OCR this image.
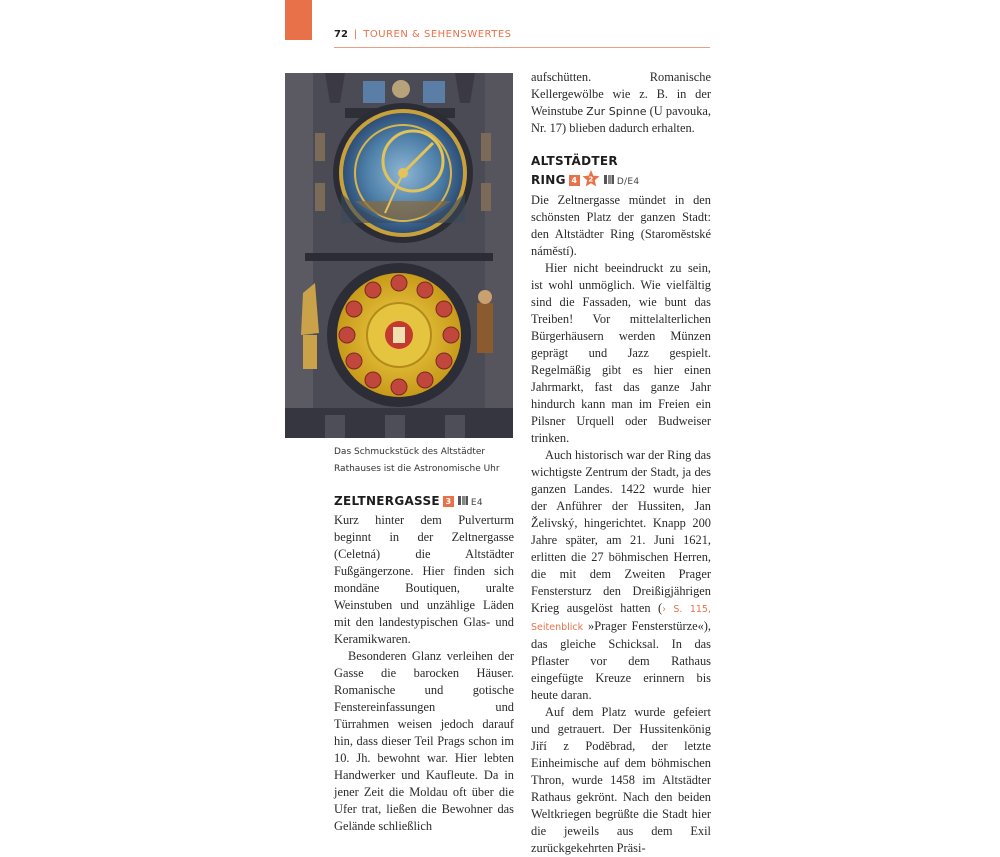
72 | TOUREN & SEHENSWERTES
Das Schmuckstück des Altstädter Rathauses ist die Astronomische Uhr
ZELTNERGASSE 3 E4

Kurz hinter dem Pulverturm beginnt in der Zeltnergasse (Celetná) die Altstädter Fußgängerzone. Hier finden sich mondäne Boutiquen, uralte Weinstuben und unzählige Läden mit den landestypischen Glas- und Keramikwaren.

Besonderen Glanz verleihen der Gasse die barocken Häuser. Romanische und gotische Fenstereinfassungen und Türrahmen weisen jedoch darauf hin, dass dieser Teil Prags schon im 10. Jh. bewohnt war. Hier lebten Handwerker und Kaufleute. Da in jener Zeit die Moldau oft über die Ufer trat, ließen die Bewohner das Gelände schließlich

aufschütten. Romanische Kellergewölbe wie z. B. in der Weinstube Zur Spinne (U pavouka, Nr. 17) blieben dadurch erhalten.

ALTSTÄDTER
RING 4 2	D/E4

Die Zeltnergasse mündet in den schönsten Platz der ganzen Stadt: den Altstädter Ring (Staroměstské náměstí).

Hier nicht beeindruckt zu sein, ist wohl unmöglich. Wie vielfältig sind die Fassaden, wie bunt das Treiben! Vor mittelalterlichen Bürgerhäusern werden Münzen geprägt und Jazz gespielt. Regelmäßig gibt es hier einen Jahrmarkt, fast das ganze Jahr hindurch kann man im Freien ein Pilsner Urquell oder Budweiser trinken.

Auch historisch war der Ring das wichtigste Zentrum der Stadt, ja des ganzen Landes. 1422 wurde hier der Anführer der Hussiten, Jan Želivský, hingerichtet. Knapp 200 Jahre später, am 21. Juni 1621, erlitten die 27 böhmischen Herren, die mit dem Zweiten Prager Fenstersturz den Dreißigjährigen Krieg ausgelöst hatten (› S. 115, Seitenblick »Prager Fensterstürze«), das gleiche Schicksal. In das Pflaster vor dem Rathaus eingefügte Kreuze erinnern bis heute daran.

Auf dem Platz wurde gefeiert und getrauert. Der Hussitenkönig Jiří z Poděbrad, der letzte Einheimische auf dem böhmischen Thron, wurde 1458 im Altstädter Rathaus gekrönt. Nach den beiden Weltkriegen begrüßte die Stadt hier die jeweils aus dem Exil zurückgekehrten Präsi-
